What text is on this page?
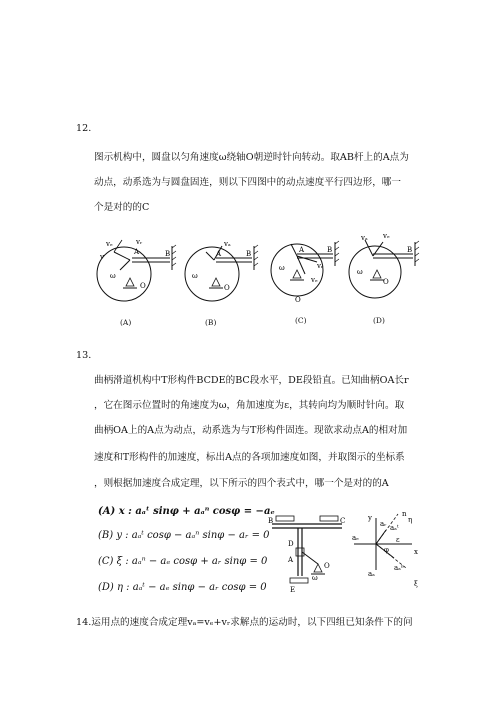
12.
图示机构中，圆盘以匀角速度ω绕轴O朝逆时针向转动。取AB杆上的A点为
动点，动系选为与圆盘固连，则以下四图中的动点速度平行四边形，哪一
个是对的的C
v
vₑ	vᵣ
A	B
ω
O
(A)
A	B
vₐ
ω
O
(B)
A	B
vₑ
vᵣ
ω
O
(C)
vₐ vₑ
B
ω
O
(D)
13.
曲柄滑道机构中T形构件BCDE的BC段水平，DE段铅直。已知曲柄OA长r
，它在图示位置时的角速度为ω，角加速度为ε，其转向均为顺时针向。取
曲柄OA上的A点为动点，动系选为与T形构件固连。现欲求动点A的相对加
速度和T形构件的加速度，标出A点的各项加速度如图，并取图示的坐标系
，则根据加速度合成定理，以下所示的四个表式中，哪一个是对的的A
(A) x : aₐᵗ sinφ + aₐⁿ cosφ = −aₑ
(B) y : aₐᵗ cosφ − aₐⁿ sinφ − aᵣ = 0
(C) ξ : aₐⁿ − aₑ cosφ + aᵣ sinφ = 0
(D) η : aₐᵗ − aₑ sinφ − aᵣ cosφ = 0
B	C
D
A
O
ω
E
n
aᵣ aₐᵗ
y
aₑ
φ
aₐⁿ
ε
aₐ
x
ξ
η
14.运用点的速度合成定理vₐ=vₑ+vᵣ求解点的运动时，以下四组已知条件下的问
